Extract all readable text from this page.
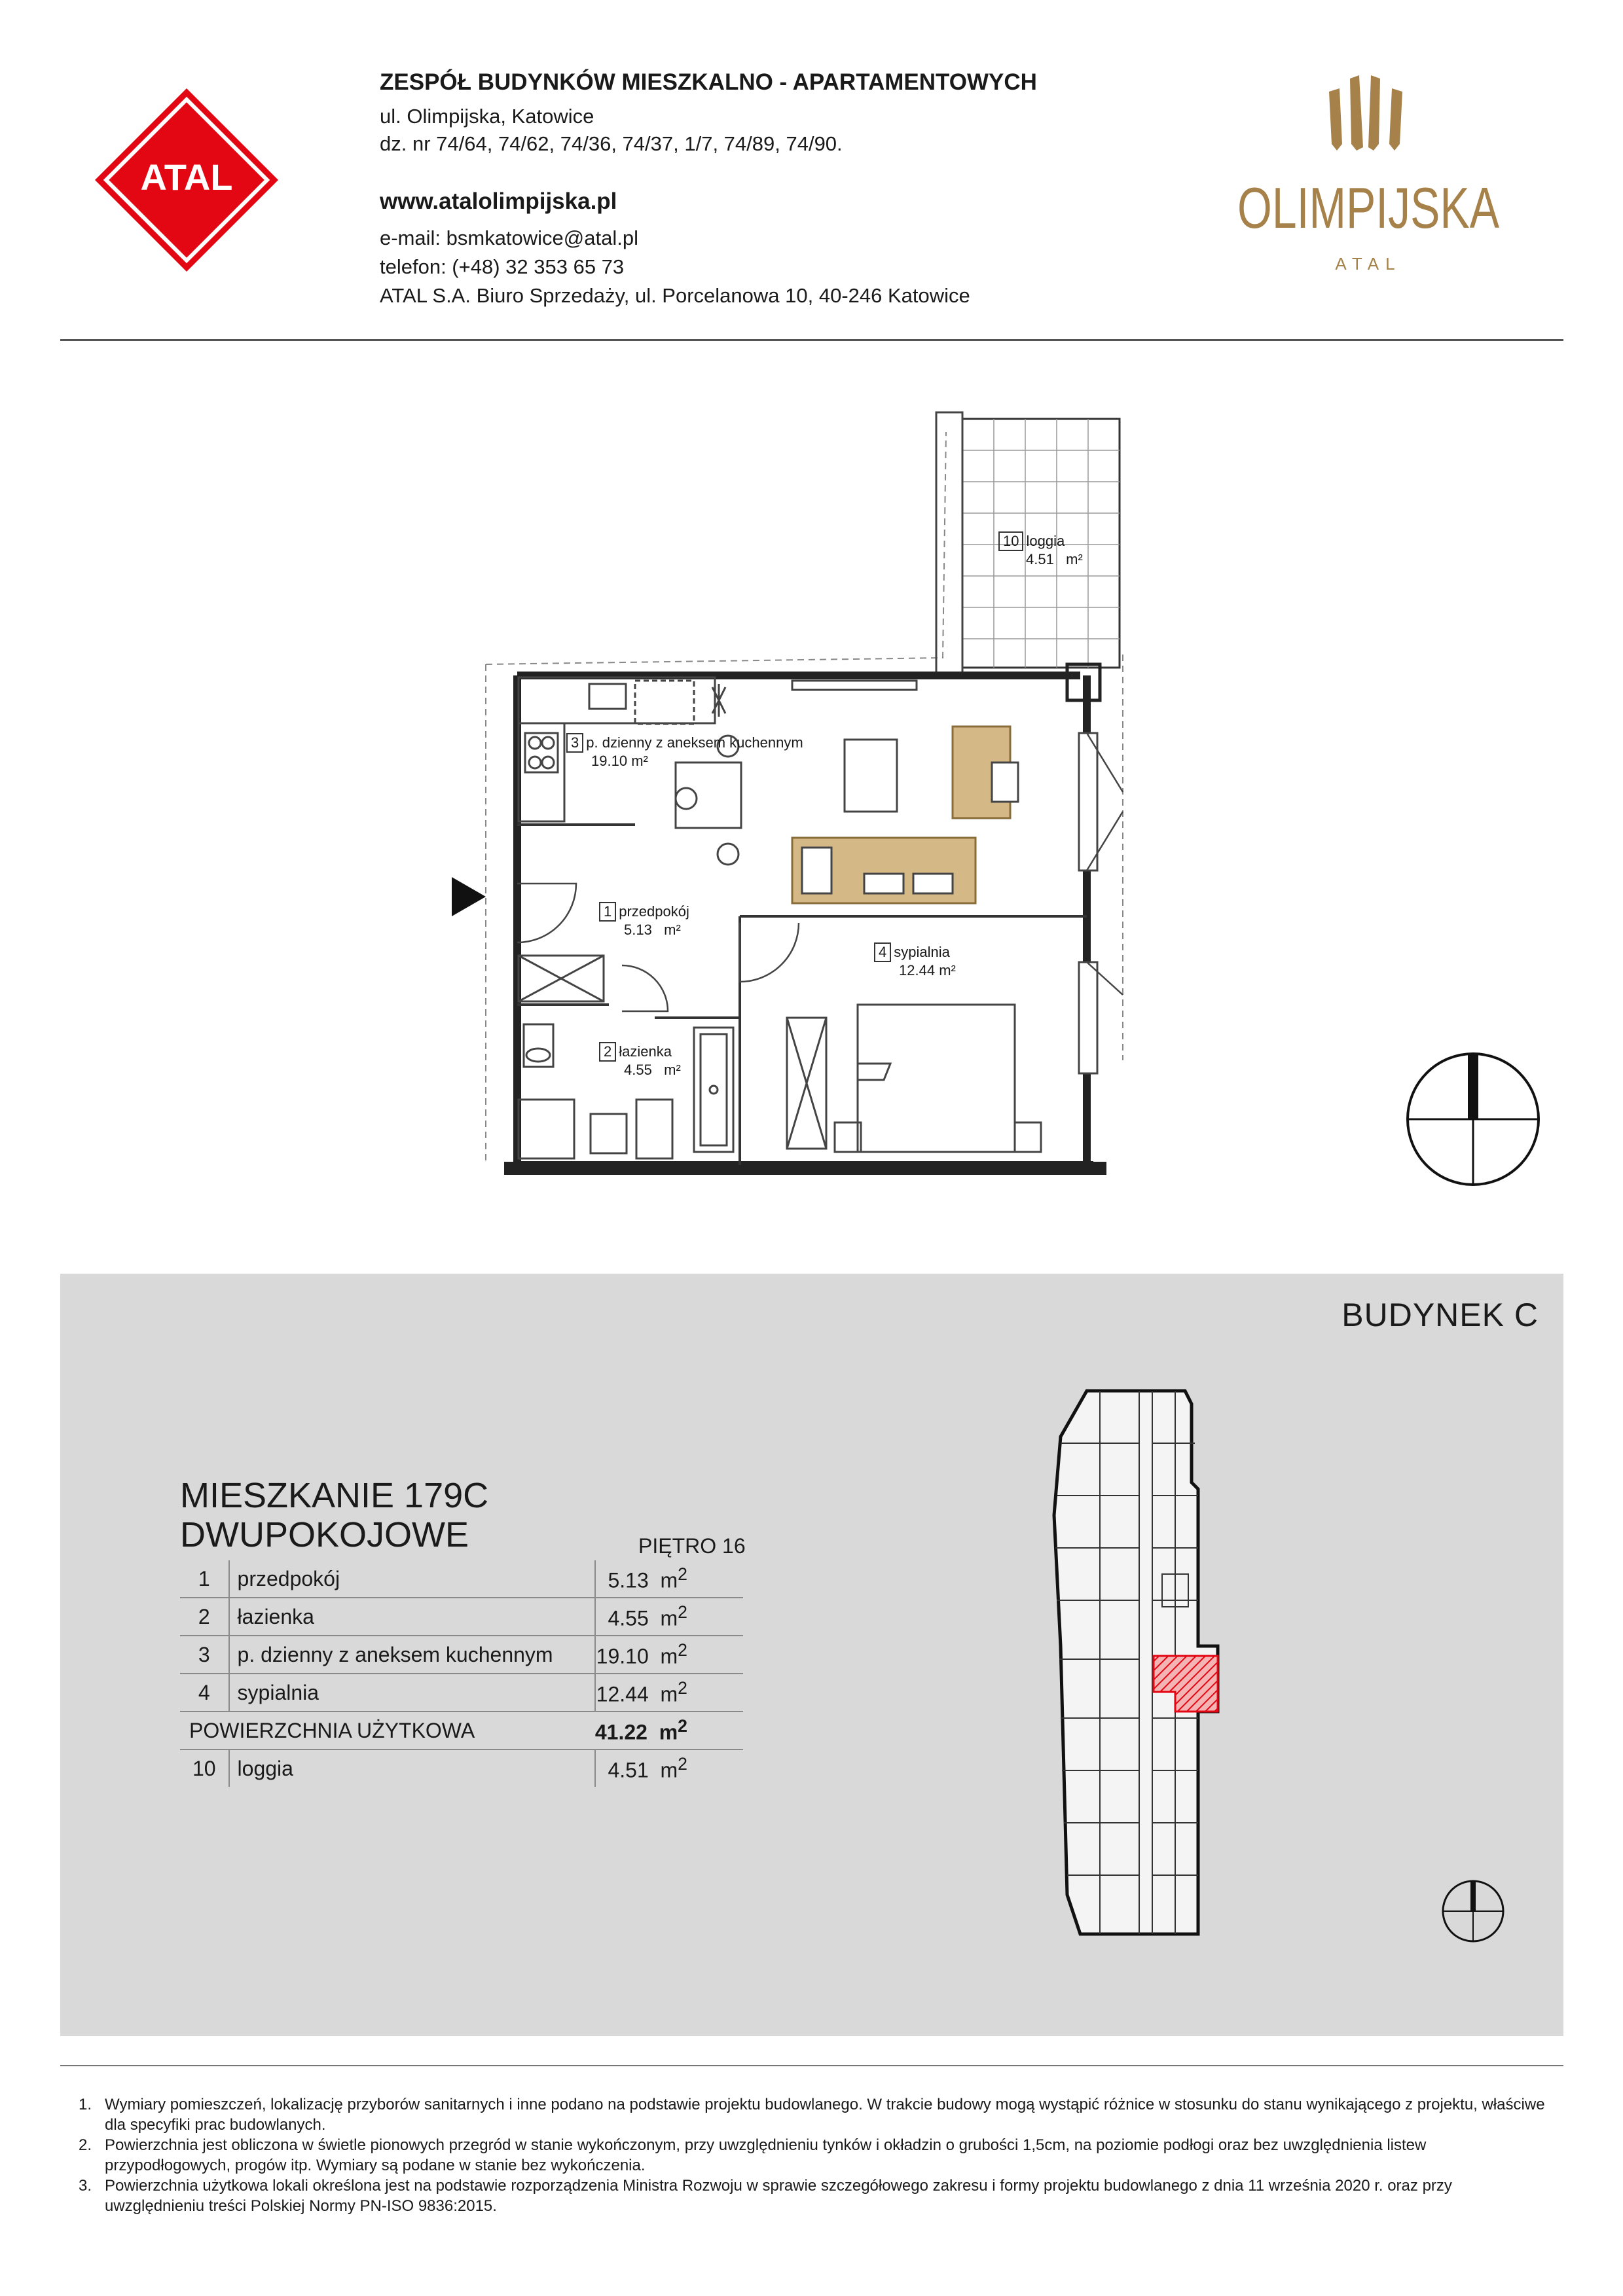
ATAL
ZESPÓŁ BUDYNKÓW MIESZKALNO - APARTAMENTOWYCH
ul. Olimpijska, Katowice
dz. nr 74/64, 74/62, 74/36, 74/37, 1/7, 74/89, 74/90.
www.atalolimpijska.pl
e-mail: bsmkatowice@atal.pl
telefon: (+48) 32 353 65 73
ATAL S.A. Biuro Sprzedaży, ul. Porcelanowa 10, 40-246 Katowice
OLIMPIJSKA
ATAL
10 loggia
4.51 m²
3 p. dzienny z aneksem kuchennym
19.10 m²
1 przedpokój
5.13 m²
4 sypialnia
12.44 m²
2 łazienka
4.55 m²
BUDYNEK C
MIESZKANIE 179C
DWUPOKOJOWE	PIĘTRO 16
1	przedpokój	5.13 $m^2$
2	łazienka	4.55 $m^2$
3	p. dzienny z aneksem kuchennym	19.10 $m^2$
4	sypialnia	12.44 $m^2$
POWIERZCHNIA UŻYTKOWA		41.22 $m^2$
10	loggia	4.51 $m^2$
1. Wymiary pomieszczeń, lokalizację przyborów sanitarnych i inne podano na podstawie projektu budowlanego. W trakcie budowy mogą wystąpić różnice w stosunku do stanu wynikającego z projektu, właściwe dla specyfiki prac budowlanych.
2. Powierzchnia jest obliczona w świetle pionowych przegród w stanie wykończonym, przy uwzględnieniu tynków i okładzin o grubości 1,5cm, na poziomie podłogi oraz bez uwzględnienia listew przypodłogowych, progów itp. Wymiary są podane w stanie bez wykończenia.
3. Powierzchnia użytkowa lokali określona jest na podstawie rozporządzenia Ministra Rozwoju w sprawie szczegółowego zakresu i formy projektu budowlanego z dnia 11 września 2020 r. oraz przy uwzględnieniu treści Polskiej Normy PN-ISO 9836:2015.
